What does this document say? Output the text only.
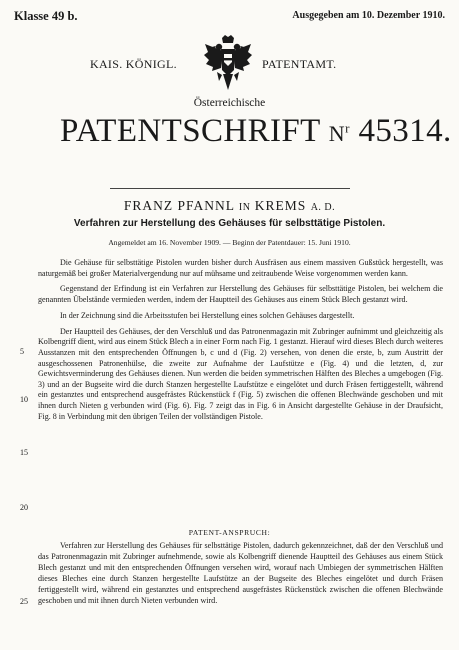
Klasse 49 b.	Ausgegeben am 10. Dezember 1910.
KAIS. KÖNIGL.	PATENTAMT.
Österreichische
PATENTSCHRIFT $N^r$ 45314.
FRANZ PFANNL IN KREMS A. D.
Verfahren zur Herstellung des Gehäuses für selbsttätige Pistolen.
Angemeldet am 16. November 1909. — Beginn der Patentdauer: 15. Juni 1910.

Die Gehäuse für selbsttätige Pistolen wurden bisher durch Ausfräsen aus einem massiven Gußstück hergestellt, was naturgemäß bei großer Materialvergendung nur auf mühsame und zeitraubende Weise vorgenommen werden kann.

Gegenstand der Erfindung ist ein Verfahren zur Herstellung des Gehäuses für selbsttätige Pistolen, bei welchem die genannten Übelstände vermieden werden, indem der Hauptteil des Gehäuses aus einem Stück Blech gestanzt wird.

In der Zeichnung sind die Arbeitsstufen bei Herstellung eines solchen Gehäuses dargestellt.

Der Hauptteil des Gehäuses, der den Verschluß und das Patronenmagazin mit Zubringer aufnimmt und gleichzeitig als Kolbengriff dient, wird aus einem Stück Blech a in einer Form nach Fig. 1 gestanzt. Hierauf wird dieses Blech durch weiteres Ausstanzen mit den entsprechenden Öffnungen b, c und d (Fig. 2) versehen, von denen die erste, b, zum Austritt der ausgeschossenen Patronenhülse, die zweite zur Aufnahme der Laufstütze e (Fig. 4) und die letzten, d, zur Gewichtsverminderung des Gehäuses dienen. Nun werden die beiden symmetrischen Hälften des Bleches a umgebogen (Fig. 3) und an der Bugseite wird die durch Stanzen hergestellte Laufstütze e eingelötet und durch Fräsen fertiggestellt, während ein gestanztes und entsprechend ausgefrästes Rückenstück f (Fig. 5) zwischen die offenen Blechwände geschoben und mit ihnen durch Nieten g verbunden wird (Fig. 6). Fig. 7 zeigt das in Fig. 6 in Ansicht dargestellte Gehäuse in der Draufsicht, Fig. 8 in Verbindung mit den übrigen Teilen der vollständigen Pistole.

5
10
15
20
25
PATENT-ANSPRUCH:

Verfahren zur Herstellung des Gehäuses für selbsttätige Pistolen, dadurch gekennzeichnet, daß der den Verschluß und das Patronenmagazin mit Zubringer aufnehmende, sowie als Kolbengriff dienende Hauptteil des Gehäuses aus einem Stück Blech gestanzt und mit den entsprechenden Öffnungen versehen wird, worauf nach Umbiegen der symmetrischen Hälften dieses Bleches eine durch Stanzen hergestellte Laufstütze an der Bugseite des Bleches eingelötet und durch Fräsen fertiggestellt wird, während ein gestanztes und entsprechend ausgefrästes Rückenstück zwischen die offenen Blechwände geschoben und mit ihnen durch Nieten verbunden wird.
